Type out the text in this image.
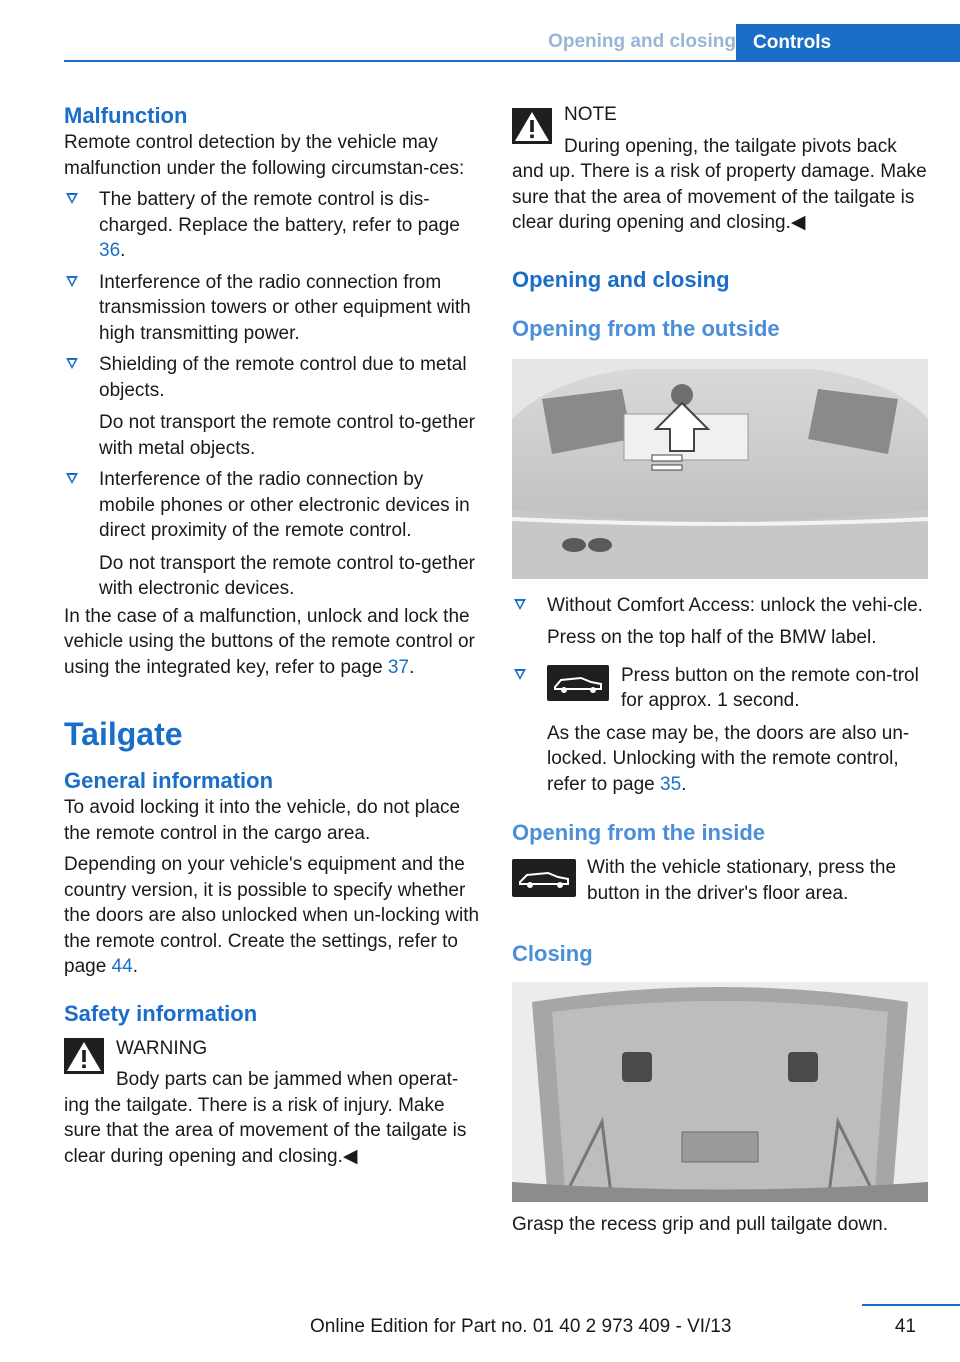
Opening and closing Controls
Malfunction

Remote control detection by the vehicle may malfunction under the following circumstan-ces:

The battery of the remote control is dis-charged. Replace the battery, refer to page 36.

Interference of the radio connection from transmission towers or other equipment with high transmitting power.

Shielding of the remote control due to metal objects.

Do not transport the remote control to-gether with metal objects.

Interference of the radio connection by mobile phones or other electronic devices in direct proximity of the remote control.

Do not transport the remote control to-gether with electronic devices.

In the case of a malfunction, unlock and lock the vehicle using the buttons of the remote control or using the integrated key, refer to page 37.

Tailgate
General information

To avoid locking it into the vehicle, do not place the remote control in the cargo area.

Depending on your vehicle's equipment and the country version, it is possible to specify whether the doors are also unlocked when un-locking with the remote control. Create the settings, refer to page 44.

Safety information

WARNING

Body parts can be jammed when operat-ing the tailgate. There is a risk of injury. Make sure that the area of movement of the tailgate is clear during opening and closing.◀

NOTE

During opening, the tailgate pivots back and up. There is a risk of property damage. Make sure that the area of movement of the tailgate is clear during opening and closing.◀

Opening and closing
Opening from the outside

Without Comfort Access: unlock the vehi-cle.

Press on the top half of the BMW label.

Press button on the remote con-trol for approx. 1 second.

As the case may be, the doors are also un-locked. Unlocking with the remote control, refer to page 35.

Opening from the inside

With the vehicle stationary, press the button in the driver's floor area.

Closing

Grasp the recess grip and pull tailgate down.

Online Edition for Part no. 01 40 2 973 409 - VI/13	41
